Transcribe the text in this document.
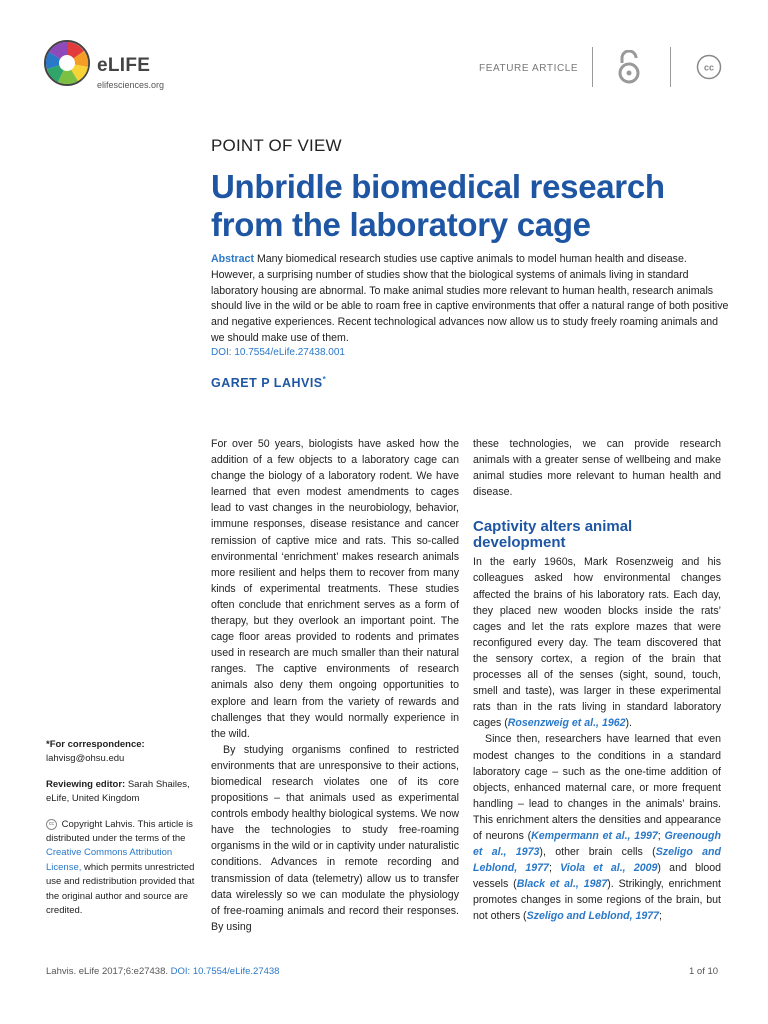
eLIFE
elifesciences.org
FEATURE ARTICLE	cc
POINT OF VIEW
Unbridle biomedical research from the laboratory cage
Abstract Many biomedical research studies use captive animals to model human health and disease. However, a surprising number of studies show that the biological systems of animals living in standard laboratory housing are abnormal. To make animal studies more relevant to human health, research animals should live in the wild or be able to roam free in captive environments that offer a natural range of both positive and negative experiences. Recent technological advances now allow us to study freely roaming animals and we should make use of them.
DOI: 10.7554/eLife.27438.001
GARET P LAHVIS*

*For correspondence: lahvisg@ohsu.edu

Reviewing editor: Sarah Shailes, eLife, United Kingdom

cc Copyright Lahvis. This article is distributed under the terms of the Creative Commons Attribution License, which permits unrestricted use and redistribution provided that the original author and source are credited.

For over 50 years, biologists have asked how the addition of a few objects to a laboratory cage can change the biology of a laboratory rodent. We have learned that even modest amendments to cages lead to vast changes in the neurobiology, behavior, immune responses, disease resistance and cancer remission of captive mice and rats. This so-called environmental ‘enrichment’ makes research animals more resilient and helps them to recover from many kinds of experimental treatments. These studies often conclude that enrichment serves as a form of therapy, but they overlook an important point. The cage floor areas provided to rodents and primates used in research are much smaller than their natural ranges. The captive environments of research animals also deny them ongoing opportunities to explore and learn from the variety of rewards and challenges that they would normally experience in the wild.

By studying organisms confined to restricted environments that are unresponsive to their actions, biomedical research violates one of its core propositions – that animals used as experimental controls embody healthy biological systems. We now have the technologies to study free-roaming organisms in the wild or in captivity under naturalistic conditions. Advances in remote recording and transmission of data (telemetry) allow us to transfer data wirelessly so we can modulate the physiology of free-roaming animals and record their responses. By using

these technologies, we can provide research animals with a greater sense of wellbeing and make animal studies more relevant to human health and disease.

Captivity alters animal development

In the early 1960s, Mark Rosenzweig and his colleagues asked how environmental changes affected the brains of his laboratory rats. Each day, they placed new wooden blocks inside the rats’ cages and let the rats explore mazes that were reconfigured every day. The team discovered that the sensory cortex, a region of the brain that processes all of the senses (sight, sound, touch, smell and taste), was larger in these experimental rats than in the rats living in standard laboratory cages (Rosenzweig et al., 1962).

Since then, researchers have learned that even modest changes to the conditions in a standard laboratory cage – such as the one-time addition of objects, enhanced maternal care, or more frequent handling – lead to changes in the animals’ brains. This enrichment alters the densities and appearance of neurons (Kempermann et al., 1997; Greenough et al., 1973), other brain cells (Szeligo and Leblond, 1977; Viola et al., 2009) and blood vessels (Black et al., 1987). Strikingly, enrichment promotes changes in some regions of the brain, but not others (Szeligo and Leblond, 1977;

Lahvis. eLife 2017;6:e27438. DOI: 10.7554/eLife.27438	1 of 10
